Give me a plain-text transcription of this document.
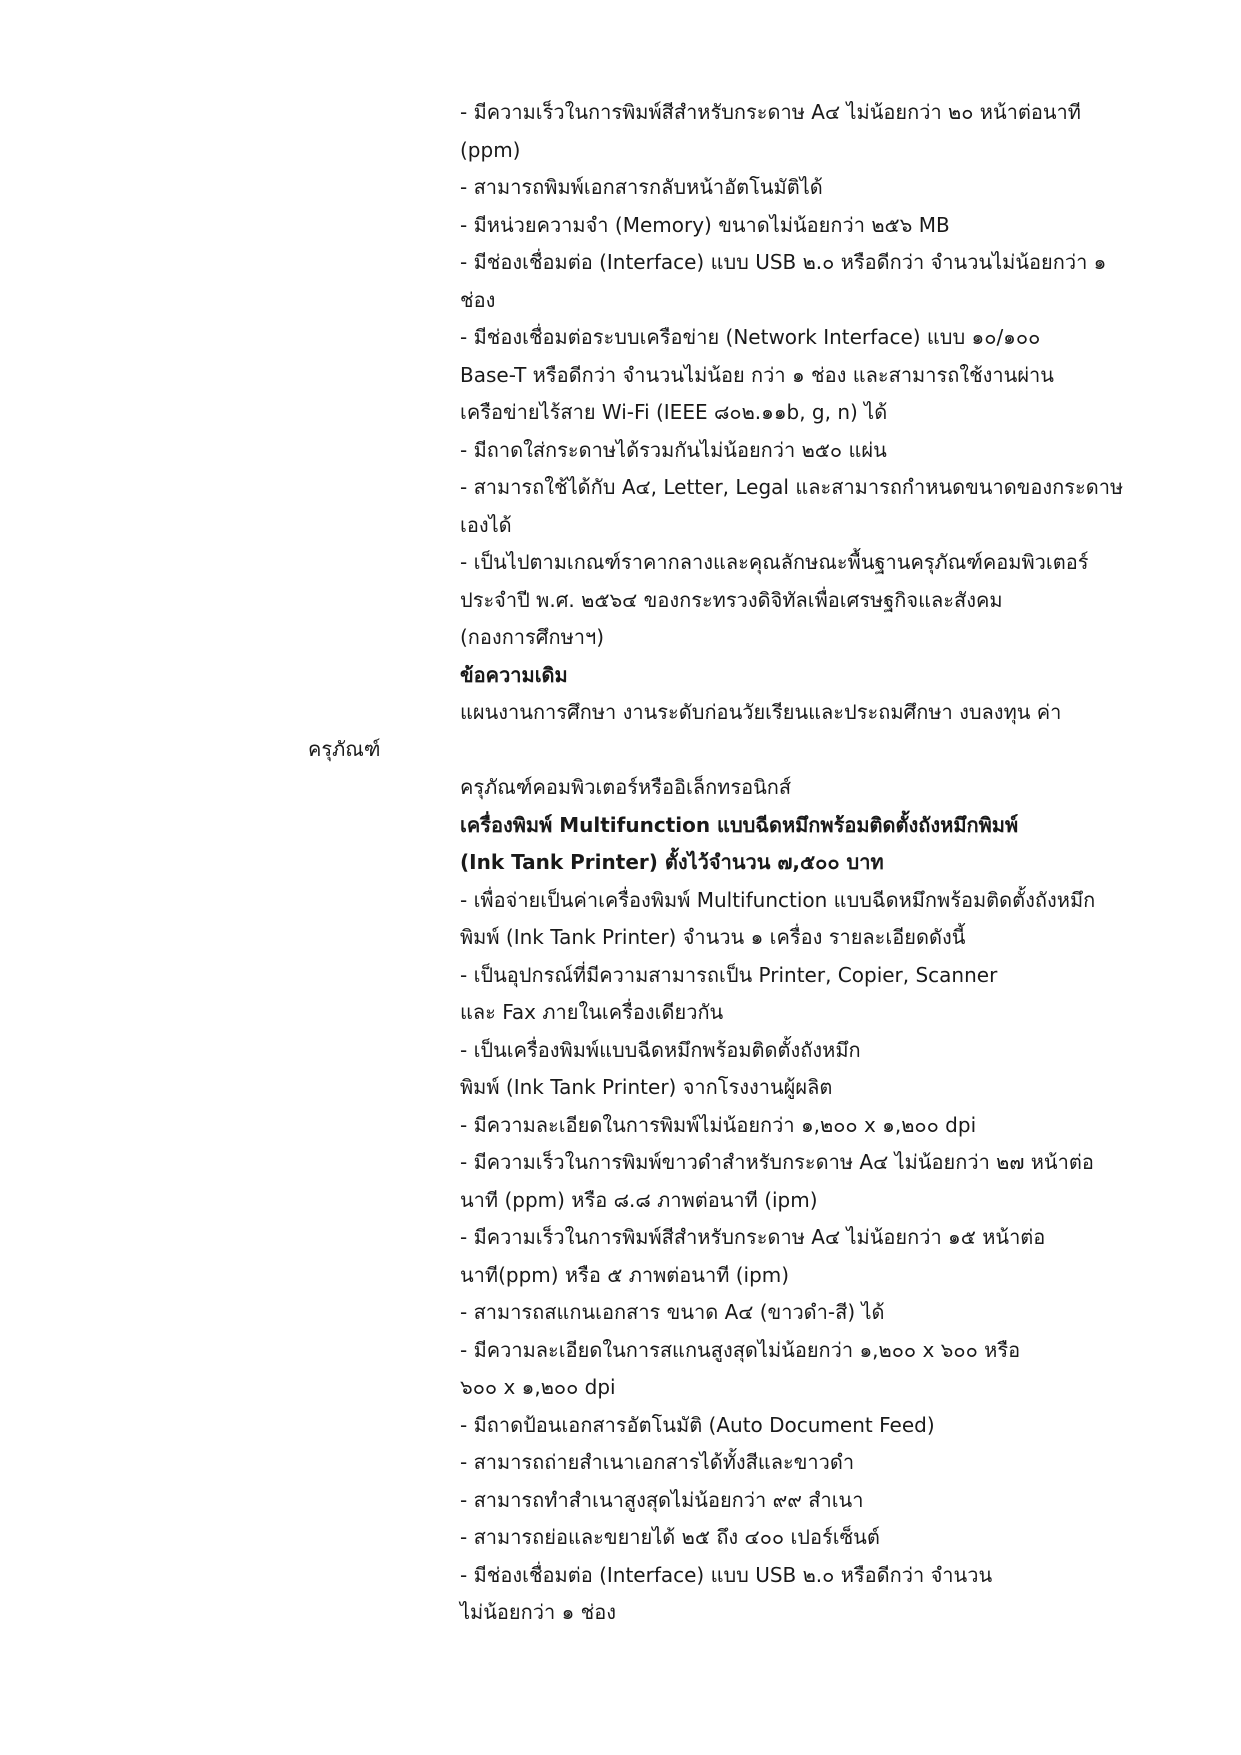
- มีความเร็วในการพิมพ์สีสำหรับกระดาษ A๔ ไม่น้อยกว่า ๒๐ หน้าต่อนาที
(ppm)
- สามารถพิมพ์เอกสารกลับหน้าอัตโนมัติได้
- มีหน่วยความจำ (Memory) ขนาดไม่น้อยกว่า ๒๕๖ MB
- มีช่องเชื่อมต่อ (Interface) แบบ USB ๒.๐ หรือดีกว่า จำนวนไม่น้อยกว่า ๑
ช่อง
- มีช่องเชื่อมต่อระบบเครือข่าย (Network Interface) แบบ ๑๐/๑๐๐
Base-T หรือดีกว่า จำนวนไม่น้อย กว่า ๑ ช่อง และสามารถใช้งานผ่าน
เครือข่ายไร้สาย Wi-Fi (IEEE ๘๐๒.๑๑b, g, n) ได้
- มีถาดใส่กระดาษได้รวมกันไม่น้อยกว่า ๒๕๐ แผ่น
- สามารถใช้ได้กับ A๔, Letter, Legal และสามารถกำหนดขนาดของกระดาษ
เองได้
- เป็นไปตามเกณฑ์ราคากลางและคุณลักษณะพื้นฐานครุภัณฑ์คอมพิวเตอร์
ประจำปี พ.ศ. ๒๕๖๔ ของกระทรวงดิจิทัลเพื่อเศรษฐกิจและสังคม
(กองการศึกษาฯ)
ข้อความเดิม
แผนงานการศึกษา งานระดับก่อนวัยเรียนและประถมศึกษา งบลงทุน ค่า
ครุภัณฑ์คอมพิวเตอร์หรืออิเล็กทรอนิกส์
เครื่องพิมพ์ Multifunction แบบฉีดหมึกพร้อมติดตั้งถังหมึกพิมพ์
(Ink Tank Printer) ตั้งไว้จำนวน ๗,๕๐๐ บาท
- เพื่อจ่ายเป็นค่าเครื่องพิมพ์ Multifunction แบบฉีดหมึกพร้อมติดตั้งถังหมึก
พิมพ์ (Ink Tank Printer) จำนวน ๑ เครื่อง รายละเอียดดังนี้
- เป็นอุปกรณ์ที่มีความสามารถเป็น Printer, Copier, Scanner
และ Fax ภายในเครื่องเดียวกัน
- เป็นเครื่องพิมพ์แบบฉีดหมึกพร้อมติดตั้งถังหมึก
พิมพ์ (Ink Tank Printer) จากโรงงานผู้ผลิต
- มีความละเอียดในการพิมพ์ไม่น้อยกว่า ๑,๒๐๐ x ๑,๒๐๐ dpi
- มีความเร็วในการพิมพ์ขาวดำสำหรับกระดาษ A๔ ไม่น้อยกว่า ๒๗ หน้าต่อ
นาที (ppm) หรือ ๘.๘ ภาพต่อนาที (ipm)
- มีความเร็วในการพิมพ์สีสำหรับกระดาษ A๔ ไม่น้อยกว่า ๑๕ หน้าต่อ
นาที(ppm) หรือ ๕ ภาพต่อนาที (ipm)
- สามารถสแกนเอกสาร ขนาด A๔ (ขาวดำ-สี) ได้
- มีความละเอียดในการสแกนสูงสุดไม่น้อยกว่า ๑,๒๐๐ x ๖๐๐ หรือ
๖๐๐ x ๑,๒๐๐ dpi
- มีถาดป้อนเอกสารอัตโนมัติ (Auto Document Feed)
- สามารถถ่ายสำเนาเอกสารได้ทั้งสีและขาวดำ
- สามารถทำสำเนาสูงสุดไม่น้อยกว่า ๙๙ สำเนา
- สามารถย่อและขยายได้ ๒๕ ถึง ๔๐๐ เปอร์เซ็นต์
- มีช่องเชื่อมต่อ (Interface) แบบ USB ๒.๐ หรือดีกว่า จำนวน
ไม่น้อยกว่า ๑ ช่อง
ครุภัณฑ์
